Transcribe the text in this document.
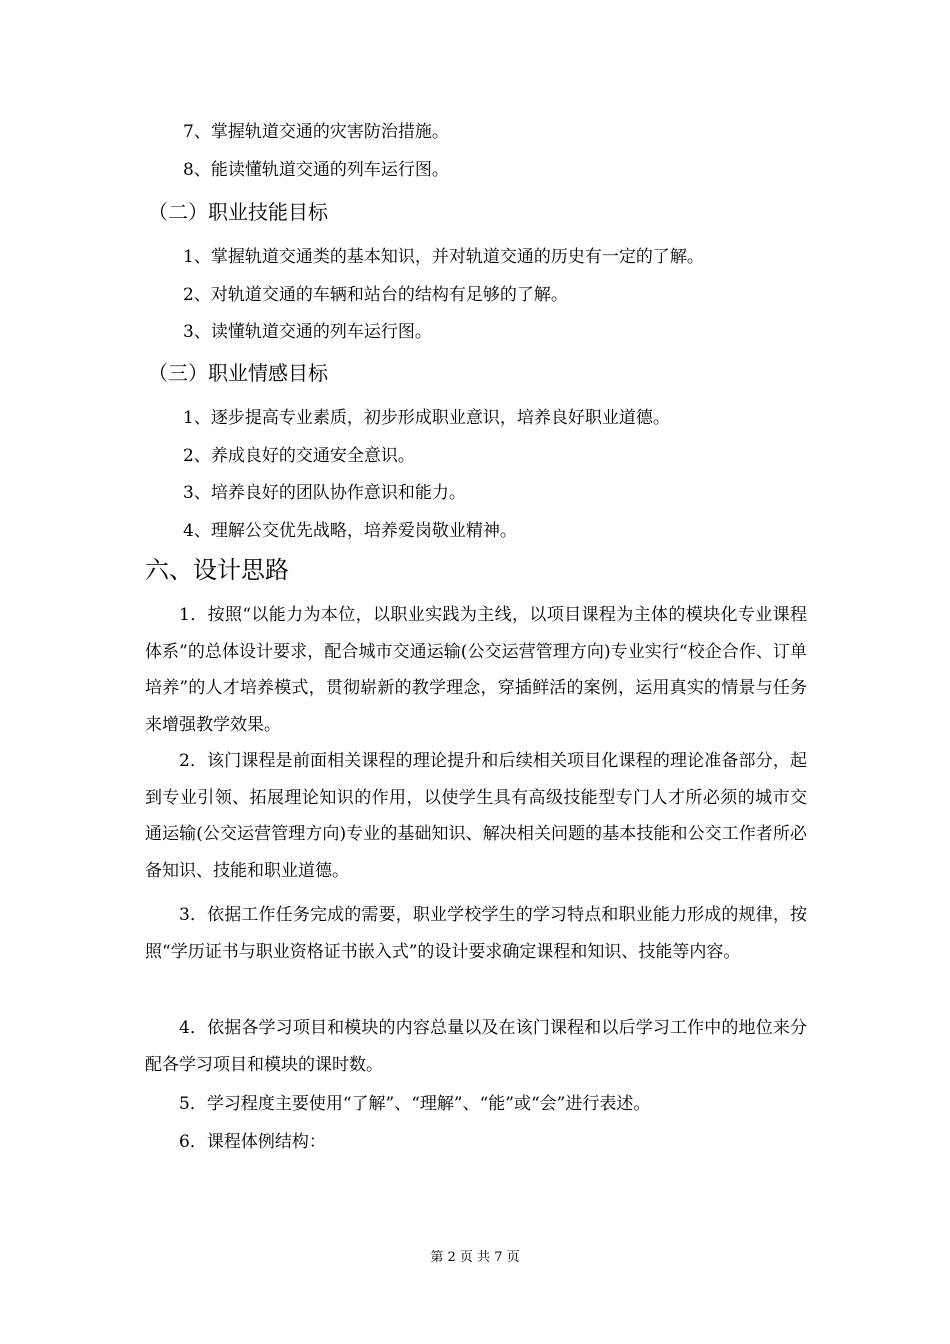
7、掌握轨道交通的灾害防治措施。
8、能读懂轨道交通的列车运行图。
（二）职业技能目标
1、掌握轨道交通类的基本知识，并对轨道交通的历史有一定的了解。
2、对轨道交通的车辆和站台的结构有足够的了解。
3、读懂轨道交通的列车运行图。
（三）职业情感目标
1、逐步提高专业素质，初步形成职业意识，培养良好职业道德。
2、养成良好的交通安全意识。
3、培养良好的团队协作意识和能力。
4、理解公交优先战略，培养爱岗敬业精神。
六、设计思路

1．按照“以能力为本位，以职业实践为主线，以项目课程为主体的模块化专业课程体系”的总体设计要求，配合城市交通运输(公交运营管理方向)专业实行“校企合作、订单培养”的人才培养模式，贯彻崭新的教学理念，穿插鲜活的案例，运用真实的情景与任务来增强教学效果。

2．该门课程是前面相关课程的理论提升和后续相关项目化课程的理论准备部分，起到专业引领、拓展理论知识的作用，以使学生具有高级技能型专门人才所必须的城市交通运输(公交运营管理方向)专业的基础知识、解决相关问题的基本技能和公交工作者所必备知识、技能和职业道德。

3．依据工作任务完成的需要，职业学校学生的学习特点和职业能力形成的规律，按照“学历证书与职业资格证书嵌入式”的设计要求确定课程和知识、技能等内容。

4．依据各学习项目和模块的内容总量以及在该门课程和以后学习工作中的地位来分配各学习项目和模块的课时数。

5．学习程度主要使用“了解”、“理解”、“能”或“会”进行表述。

6．课程体例结构：

第 2 页 共 7 页
